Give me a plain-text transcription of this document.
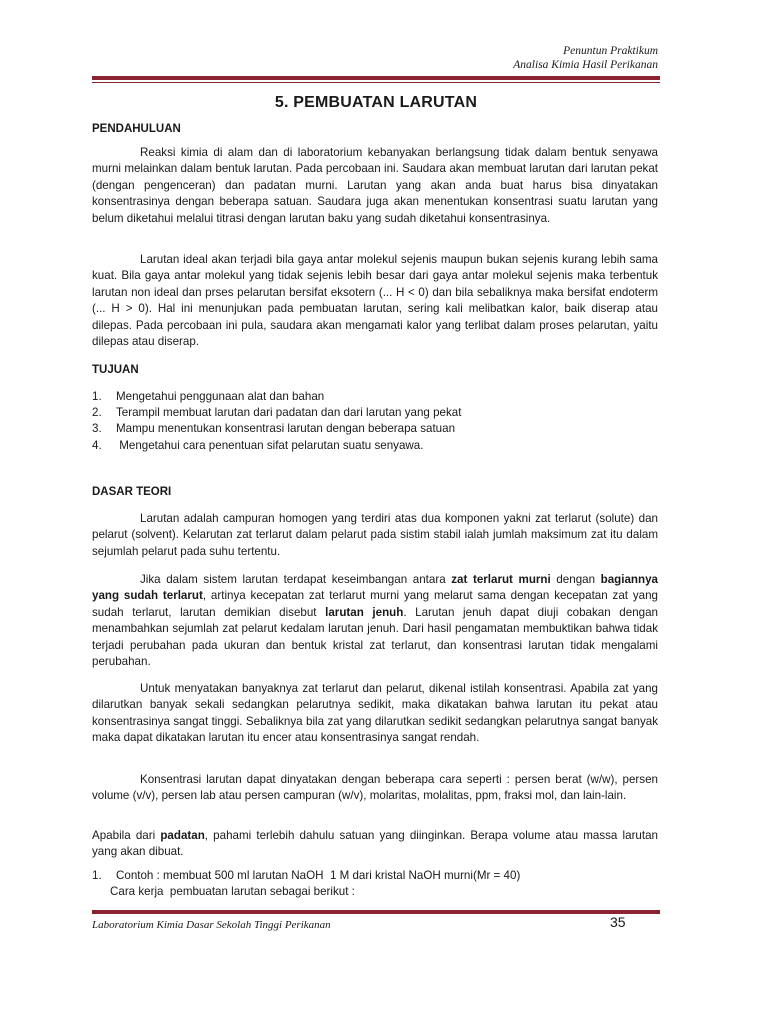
Penuntun Praktikum
Analisa Kimia Hasil Perikanan
5. PEMBUATAN LARUTAN
PENDAHULUAN

Reaksi kimia di alam dan di laboratorium kebanyakan berlangsung tidak dalam bentuk senyawa murni melainkan dalam bentuk larutan. Pada percobaan ini. Saudara akan membuat larutan dari larutan pekat (dengan pengenceran) dan padatan murni. Larutan yang akan anda buat harus bisa dinyatakan konsentrasinya dengan beberapa satuan. Saudara juga akan menentukan konsentrasi suatu larutan yang belum diketahui melalui titrasi dengan larutan baku yang sudah diketahui konsentrasinya.

Larutan ideal akan terjadi bila gaya antar molekul sejenis maupun bukan sejenis kurang lebih sama kuat. Bila gaya antar molekul yang tidak sejenis lebih besar dari gaya antar molekul sejenis maka terbentuk larutan non ideal dan prses pelarutan bersifat eksotern (... H < 0) dan bila sebaliknya maka bersifat endoterm (... H > 0). Hal ini menunjukan pada pembuatan larutan, sering kali melibatkan kalor, baik diserap atau dilepas. Pada percobaan ini pula, saudara akan mengamati kalor yang terlibat dalam proses pelarutan, yaitu dilepas atau diserap.

TUJUAN
1. Mengetahui penggunaan alat dan bahan
2. Terampil membuat larutan dari padatan dan dari larutan yang pekat
3. Mampu menentukan konsentrasi larutan dengan beberapa satuan
4. Mengetahui cara penentuan sifat pelarutan suatu senyawa.
DASAR TEORI

Larutan adalah campuran homogen yang terdiri atas dua komponen yakni zat terlarut (solute) dan pelarut (solvent). Kelarutan zat terlarut dalam pelarut pada sistim stabil ialah jumlah maksimum zat itu dalam sejumlah pelarut pada suhu tertentu.

Jika dalam sistem larutan terdapat keseimbangan antara zat terlarut murni dengan bagiannya yang sudah terlarut, artinya kecepatan zat terlarut murni yang melarut sama dengan kecepatan zat yang sudah terlarut, larutan demikian disebut larutan jenuh. Larutan jenuh dapat diuji cobakan dengan menambahkan sejumlah zat pelarut kedalam larutan jenuh. Dari hasil pengamatan membuktikan bahwa tidak terjadi perubahan pada ukuran dan bentuk kristal zat terlarut, dan konsentrasi larutan tidak mengalami perubahan.

Untuk menyatakan banyaknya zat terlarut dan pelarut, dikenal istilah konsentrasi. Apabila zat yang dilarutkan banyak sekali sedangkan pelarutnya sedikit, maka dikatakan bahwa larutan itu pekat atau konsentrasinya sangat tinggi. Sebaliknya bila zat yang dilarutkan sedikit sedangkan pelarutnya sangat banyak maka dapat dikatakan larutan itu encer atau konsentrasinya sangat rendah.

Konsentrasi larutan dapat dinyatakan dengan beberapa cara seperti : persen berat (w/w), persen volume (v/v), persen lab atau persen campuran (w/v), molaritas, molalitas, ppm, fraksi mol, dan lain-lain.

Apabila dari padatan, pahami terlebih dahulu satuan yang diinginkan. Berapa volume atau massa larutan yang akan dibuat.

1. Contoh : membuat 500 ml larutan NaOH  1 M dari kristal NaOH murni(Mr = 40)
Cara kerja  pembuatan larutan sebagai berikut :
Laboratorium Kimia Dasar Sekolah Tinggi Perikanan	35
